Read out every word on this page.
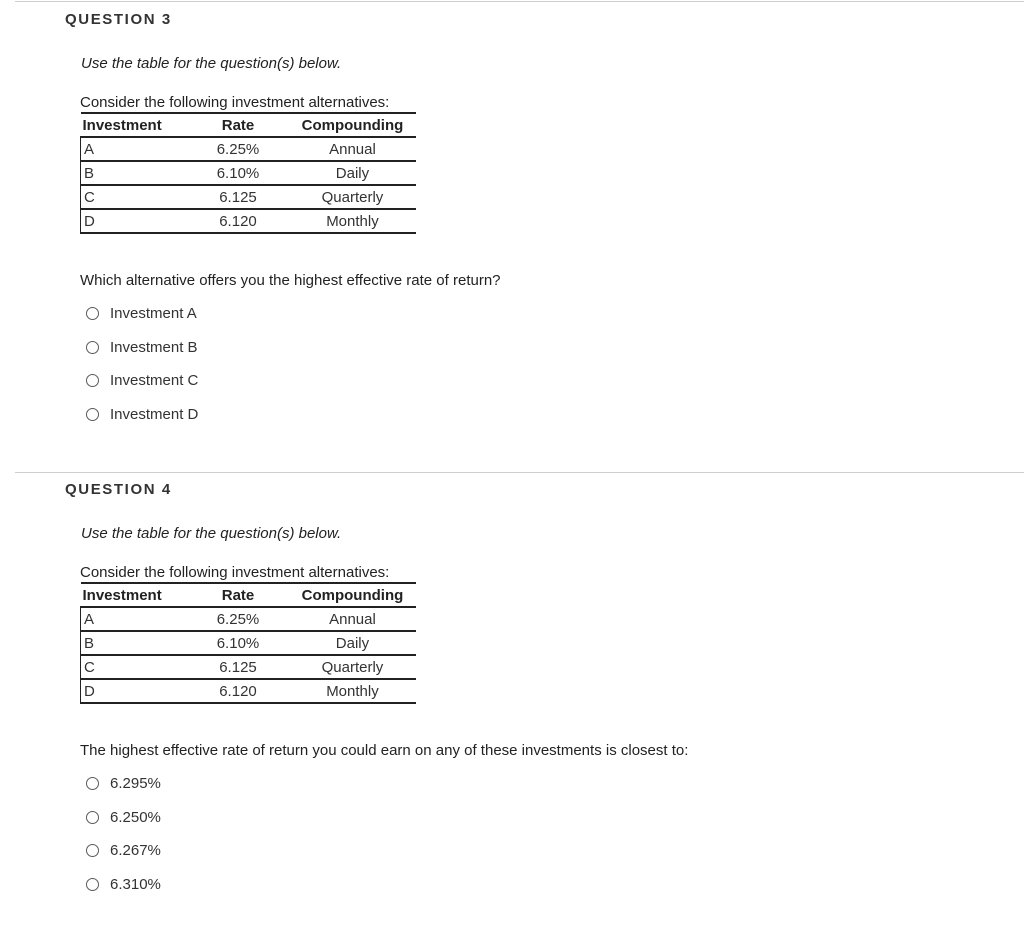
QUESTION 3
Use the table for the question(s) below.
Consider the following investment alternatives:
Investment	Rate	Compounding
A	6.25%	Annual
B	6.10%	Daily
C	6.125	Quarterly
D	6.120	Monthly
Which alternative offers you the highest effective rate of return?
Investment A
Investment B
Investment C
Investment D
QUESTION 4
Use the table for the question(s) below.
Consider the following investment alternatives:
Investment	Rate	Compounding
A	6.25%	Annual
B	6.10%	Daily
C	6.125	Quarterly
D	6.120	Monthly
The highest effective rate of return you could earn on any of these investments is closest to:
6.295%
6.250%
6.267%
6.310%
